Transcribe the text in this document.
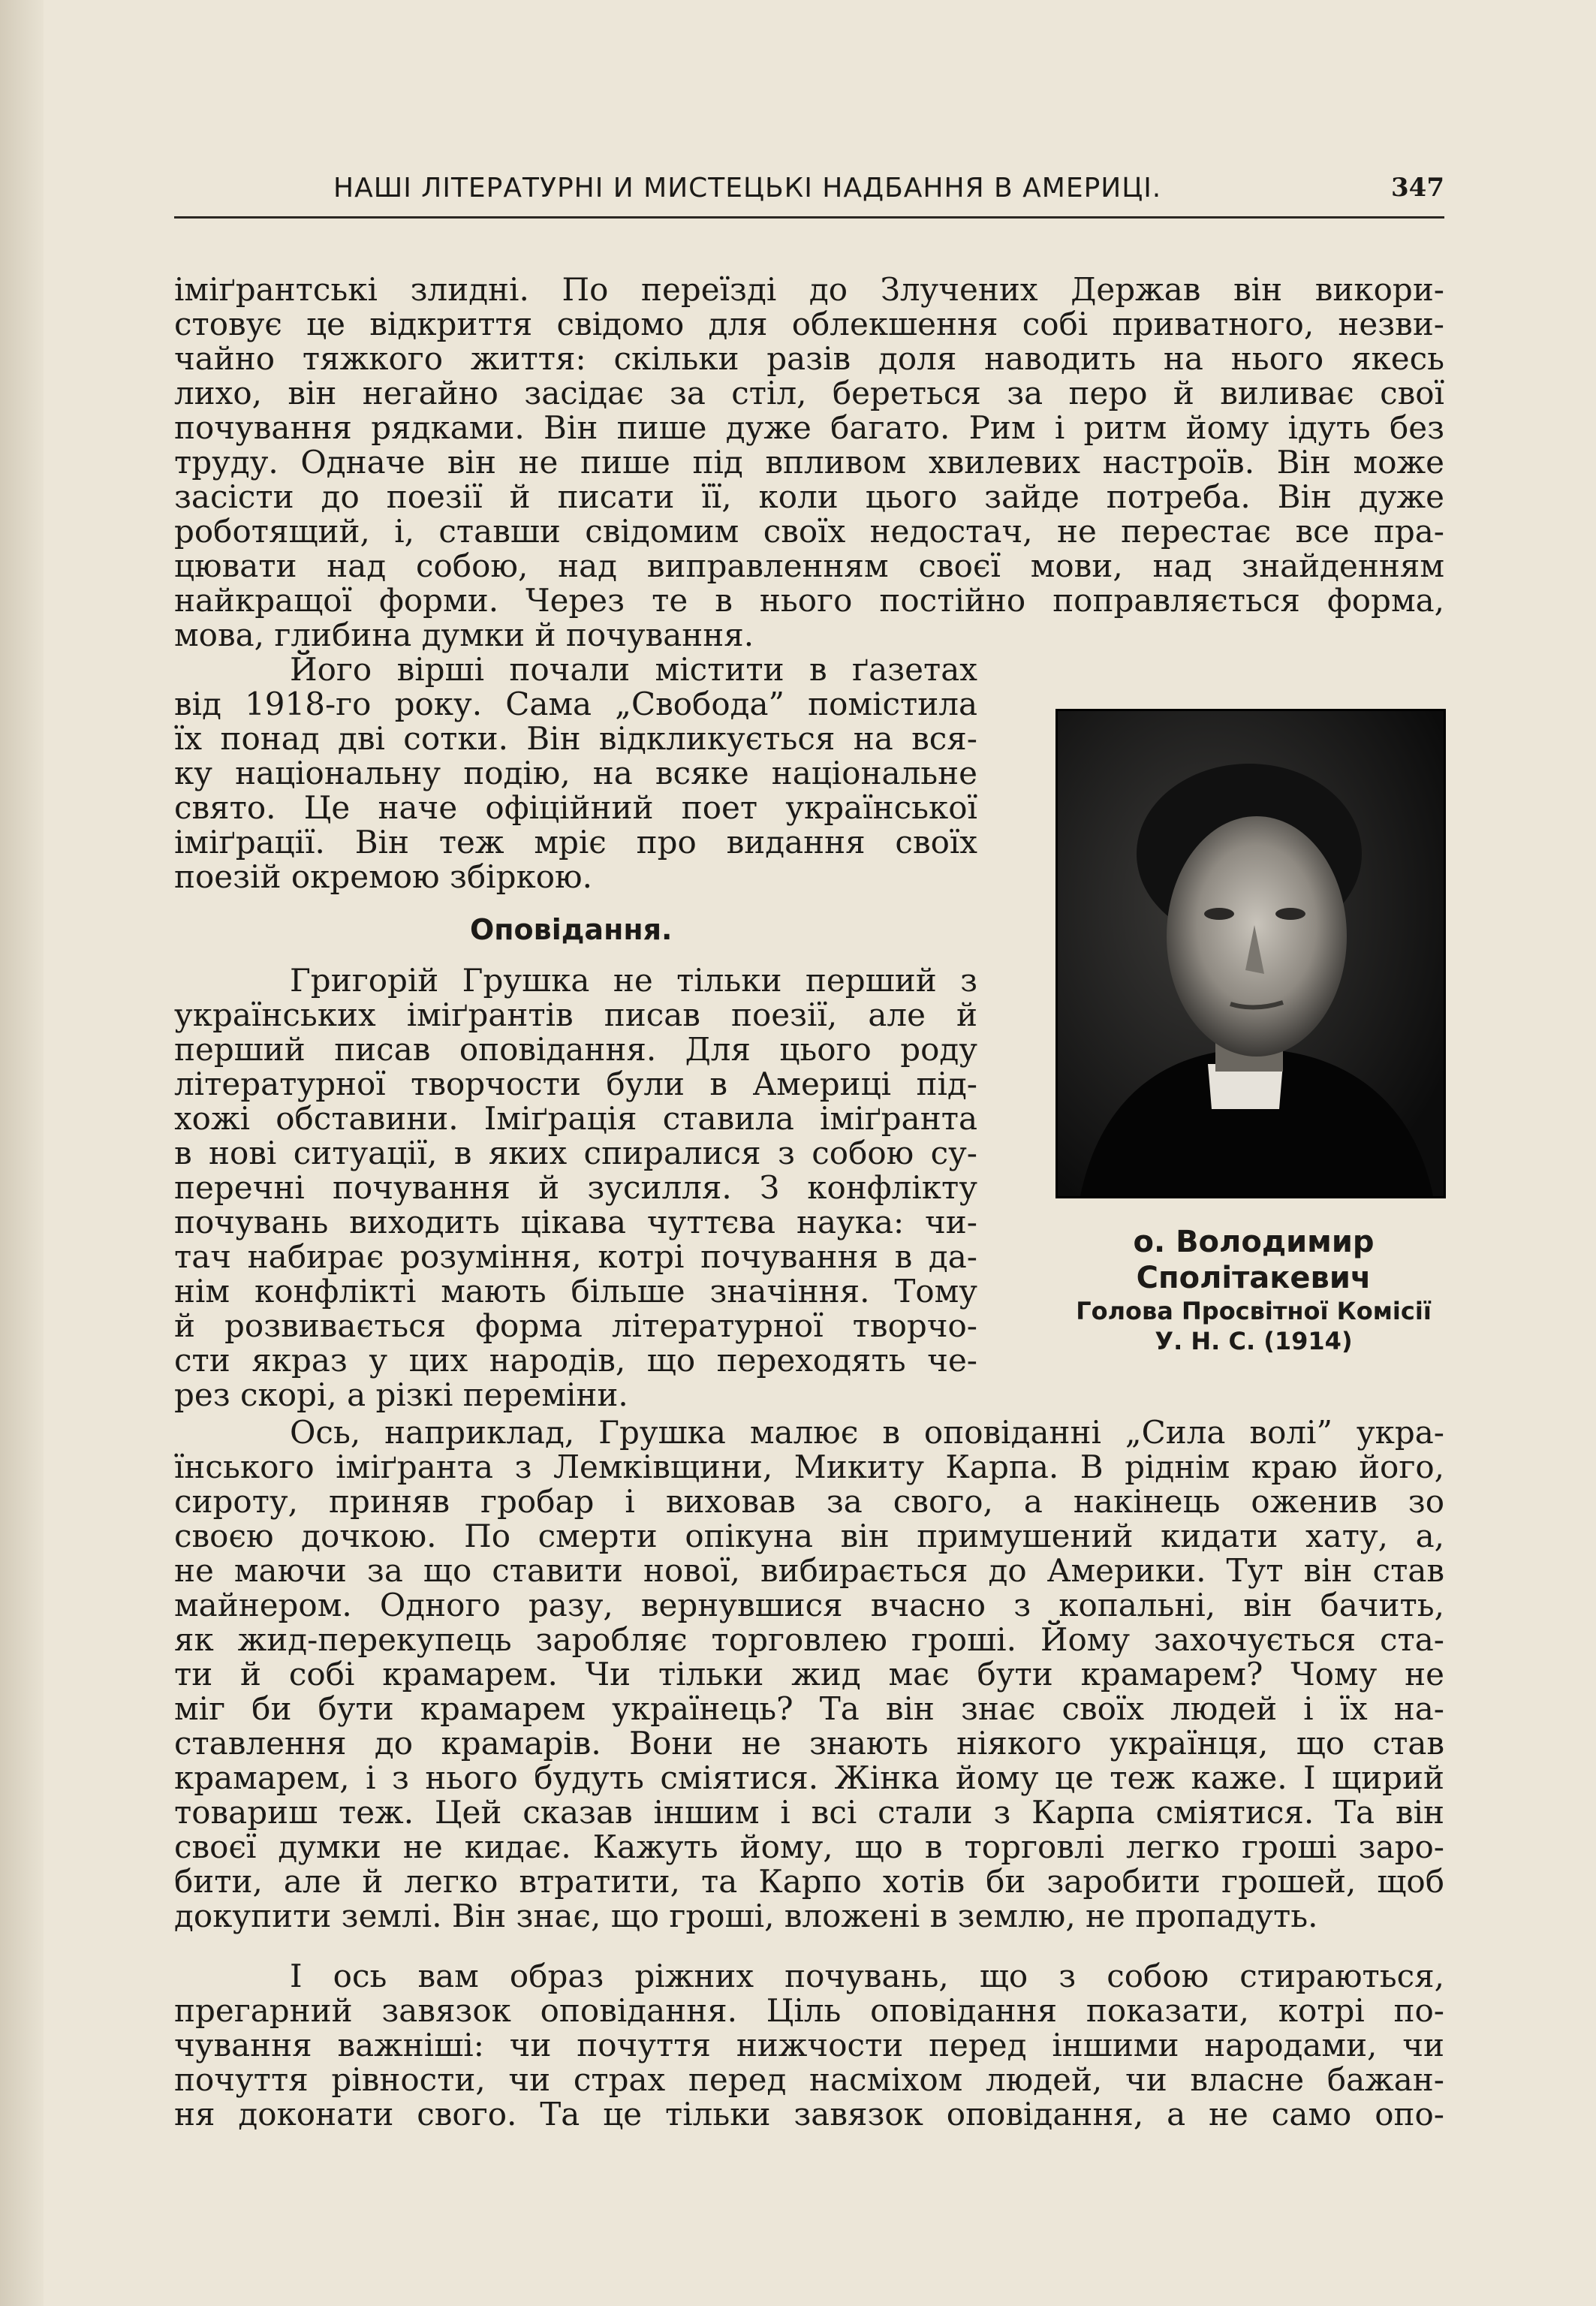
НАШІ ЛІТЕРАТУРНІ И МИСТЕЦЬКІ НАДБАННЯ В АМЕРИЦІ.	347
іміґрантські злидні. По переїзді до Злучених Держав він викори-
стовує це відкриття свідомо для облекшення собі приватного, незви-
чайно тяжкого життя: скільки разів доля наводить на нього якесь
лихо, він негайно засідає за стіл, береться за перо й виливає свої
почування рядками. Він пише дуже багато. Рим і ритм йому ідуть без
труду. Одначе він не пише під впливом хвилевих настроїв. Він може
засісти до поезії й писати її, коли цього зайде потреба. Він дуже
роботящий, і, ставши свідомим своїх недостач, не перестає все пра-
цювати над собою, над виправленням своєї мови, над знайденням
найкращої форми. Через те в нього постійно поправляється форма,
мова, глибина думки й почування.
Його вірші почали містити в ґазетах
від 1918-го року. Сама „Свобода” помістила
їх понад дві сотки. Він відкликується на вся-
ку національну подію, на всяке національне
свято. Це наче офіційний поет української
іміґрації. Він теж мріє про видання своїх
поезій окремою збіркою.
Оповідання.
Григорій Грушка не тільки перший з
українських іміґрантів писав поезії, але й
перший писав оповідання. Для цього роду
літературної творчости були в Америці під-
хожі обставини. Іміґрація ставила іміґранта
в нові ситуації, в яких спиралися з собою су-
перечні почування й зусилля. З конфлікту
почувань виходить цікава чуттєва наука: чи-
тач набирає розуміння, котрі почування в да-
нім конфлікті мають більше значіння. Тому
й розвивається форма літературної творчо-
сти якраз у цих народів, що переходять че-
рез скорі, а різкі переміни.
о. Володимир
Сполітакевич
Голова Просвітної Комісії
У. Н. С. (1914)
Ось, наприклад, Грушка малює в оповіданні „Сила волі” укра-
їнського іміґранта з Лемківщини, Микиту Карпа. В ріднім краю його,
сироту, приняв гробар і виховав за свого, а накінець оженив зо
своєю дочкою. По смерти опікуна він примушений кидати хату, а,
не маючи за що ставити нової, вибирається до Америки. Тут він став
майнером. Одного разу, вернувшися вчасно з копальні, він бачить,
як жид-перекупець заробляє торговлею гроші. Йому захочується ста-
ти й собі крамарем. Чи тільки жид має бути крамарем? Чому не
міг би бути крамарем українець? Та він знає своїх людей і їх на-
ставлення до крамарів. Вони не знають ніякого українця, що став
крамарем, і з нього будуть сміятися. Жінка йому це теж каже. І щирий
товариш теж. Цей сказав іншим і всі стали з Карпа сміятися. Та він
своєї думки не кидає. Кажуть йому, що в торговлі легко гроші заро-
бити, але й легко втратити, та Карпо хотів би заробити грошей, щоб
докупити землі. Він знає, що гроші, вложені в землю, не пропадуть.
І ось вам образ ріжних почувань, що з собою стираються,
прегарний завязок оповідання. Ціль оповідання показати, котрі по-
чування важніші: чи почуття нижчости перед іншими народами, чи
почуття рівности, чи страх перед насміхом людей, чи власне бажан-
ня доконати свого. Та це тільки завязок оповідання, а не само опо-
